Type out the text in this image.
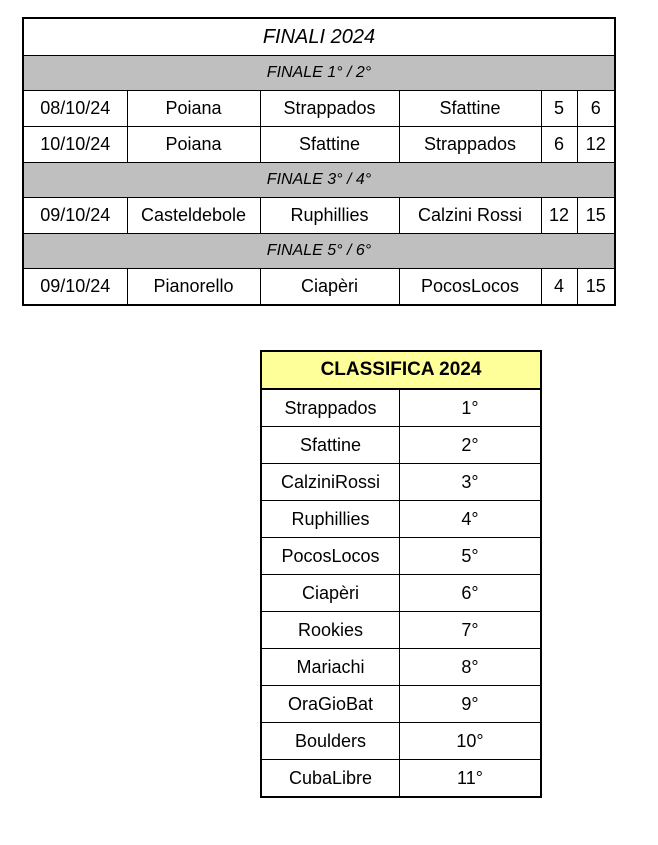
FINALI 2024					
FINALE 1° / 2°					
08/10/24	Poiana	Strappados	Sfattine	5	6
10/10/24	Poiana	Sfattine	Strappados	6	12
FINALE 3° / 4°					
09/10/24	Casteldebole	Ruphillies	Calzini Rossi	12	15
FINALE 5° / 6°					
09/10/24	Pianorello	Ciapèri	PocosLocos	4	15
CLASSIFICA 2024	
Strappados	1°
Sfattine	2°
CalziniRossi	3°
Ruphillies	4°
PocosLocos	5°
Ciapèri	6°
Rookies	7°
Mariachi	8°
OraGioBat	9°
Boulders	10°
CubaLibre	11°
